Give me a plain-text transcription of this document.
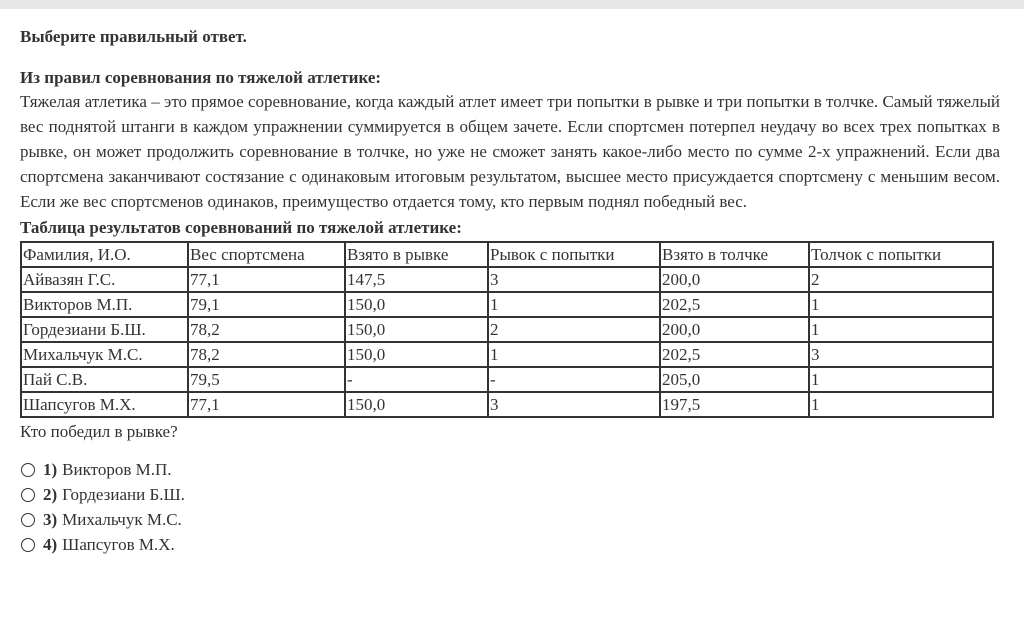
Выберите правильный ответ.

Из правил соревнования по тяжелой атлетике:

Тяжелая атлетика – это прямое соревнование, когда каждый атлет имеет три попытки в рывке и три попытки в толчке. Самый тяжелый вес поднятой штанги в каждом упражнении суммируется в общем зачете. Если спортсмен потерпел неудачу во всех трех попытках в рывке, он может продолжить соревнование в толчке, но уже не сможет занять какое-либо место по сумме 2-х упражнений. Если два спортсмена заканчивают состязание с одинаковым итоговым результатом, высшее место присуждается спортсмену с меньшим весом. Если же вес спортсменов одинаков, преимущество отдается тому, кто первым поднял победный вес.

Таблица результатов соревнований по тяжелой атлетике:

Фамилия, И.О.	Вес спортсмена	Взято в рывке	Рывок с попытки	Взято в толчке	Толчок с попытки
Айвазян Г.С.	77,1	147,5	3	200,0	2
Викторов М.П.	79,1	150,0	1	202,5	1
Гордезиани Б.Ш.	78,2	150,0	2	200,0	1
Михальчук М.С.	78,2	150,0	1	202,5	3
Пай С.В.	79,5	-	-	205,0	1
Шапсугов М.Х.	77,1	150,0	3	197,5	1

Кто победил в рывке?

1) Викторов М.П.
2) Гордезиани Б.Ш.
3) Михальчук М.С.
4) Шапсугов М.Х.
